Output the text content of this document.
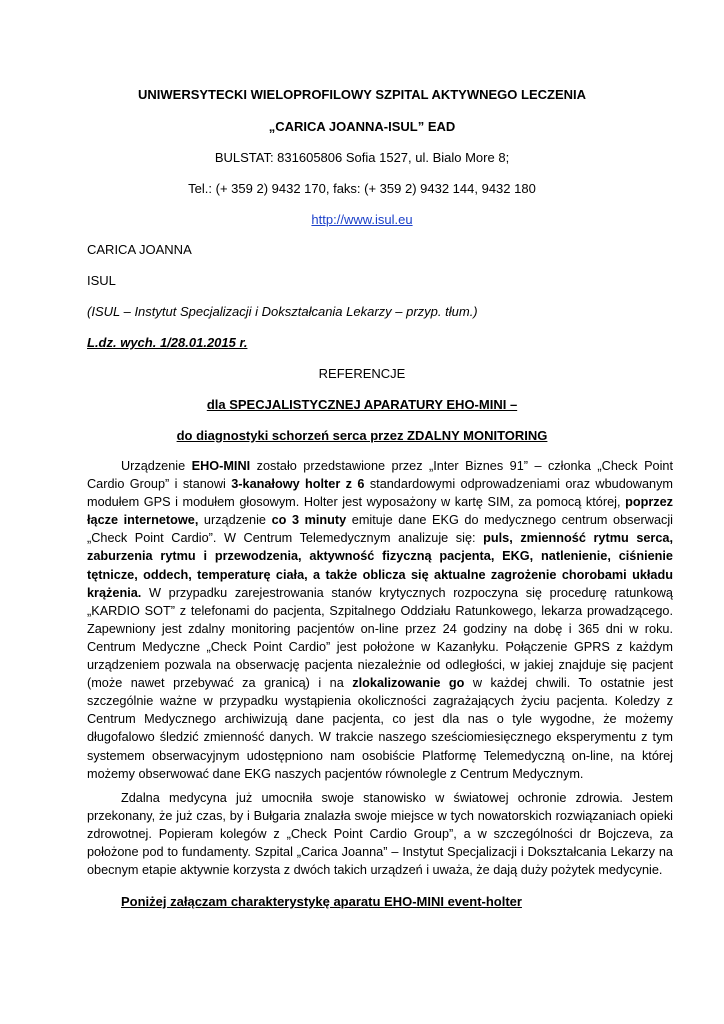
UNIWERSYTECKI WIELOPROFILOWY SZPITAL AKTYWNEGO LECZENIA
„CARICA JOANNA-ISUL” EAD
BULSTAT: 831605806 Sofia 1527, ul. Bialo More 8;
Tel.: (+ 359 2) 9432 170, faks: (+ 359 2) 9432 144, 9432 180
http://www.isul.eu
CARICA JOANNA
ISUL
(ISUL – Instytut Specjalizacji i Dokształcania Lekarzy – przyp. tłum.)
L.dz. wych. 1/28.01.2015 r.
REFERENCJE
dla SPECJALISTYCZNEJ APARATURY EHO-MINI –
do diagnostyki schorzeń serca przez ZDALNY MONITORING

Urządzenie EHO-MINI zostało przedstawione przez „Inter Biznes 91” – członka „Check Point Cardio Group” i stanowi 3-kanałowy holter z 6 standardowymi odprowadzeniami oraz wbudowanym modułem GPS i modułem głosowym. Holter jest wyposażony w kartę SIM, za pomocą której, poprzez łącze internetowe, urządzenie co 3 minuty emituje dane EKG do medycznego centrum obserwacji „Check Point Cardio”. W Centrum Telemedycznym analizuje się: puls, zmienność rytmu serca, zaburzenia rytmu i przewodzenia, aktywność fizyczną pacjenta, EKG, natlenienie, ciśnienie tętnicze, oddech, temperaturę ciała, a także oblicza się aktualne zagrożenie chorobami układu krążenia. W przypadku zarejestrowania stanów krytycznych rozpoczyna się procedurę ratunkową „KARDIO SOT” z telefonami do pacjenta, Szpitalnego Oddziału Ratunkowego, lekarza prowadzącego. Zapewniony jest zdalny monitoring pacjentów on-line przez 24 godziny na dobę i 365 dni w roku. Centrum Medyczne „Check Point Cardio” jest położone w Kazanłyku. Połączenie GPRS z każdym urządzeniem pozwala na obserwację pacjenta niezależnie od odległości, w jakiej znajduje się pacjent (może nawet przebywać za granicą) i na zlokalizowanie go w każdej chwili. To ostatnie jest szczególnie ważne w przypadku wystąpienia okoliczności zagrażających życiu pacjenta. Koledzy z Centrum Medycznego archiwizują dane pacjenta, co jest dla nas o tyle wygodne, że możemy długofalowo śledzić zmienność danych. W trakcie naszego sześciomiesięcznego eksperymentu z tym systemem obserwacyjnym udostępniono nam osobiście Platformę Telemedyczną on-line, na której możemy obserwować dane EKG naszych pacjentów równolegle z Centrum Medycznym.

Zdalna medycyna już umocniła swoje stanowisko w światowej ochronie zdrowia. Jestem przekonany, że już czas, by i Bułgaria znalazła swoje miejsce w tych nowatorskich rozwiązaniach opieki zdrowotnej. Popieram kolegów z „Check Point Cardio Group”, a w szczególności dr Bojczeva, za położone pod to fundamenty. Szpital „Carica Joanna” – Instytut Specjalizacji i Dokształcania Lekarzy na obecnym etapie aktywnie korzysta z dwóch takich urządzeń i uważa, że dają duży pożytek medycynie.

Poniżej załączam charakterystykę aparatu EHO-MINI event-holter
